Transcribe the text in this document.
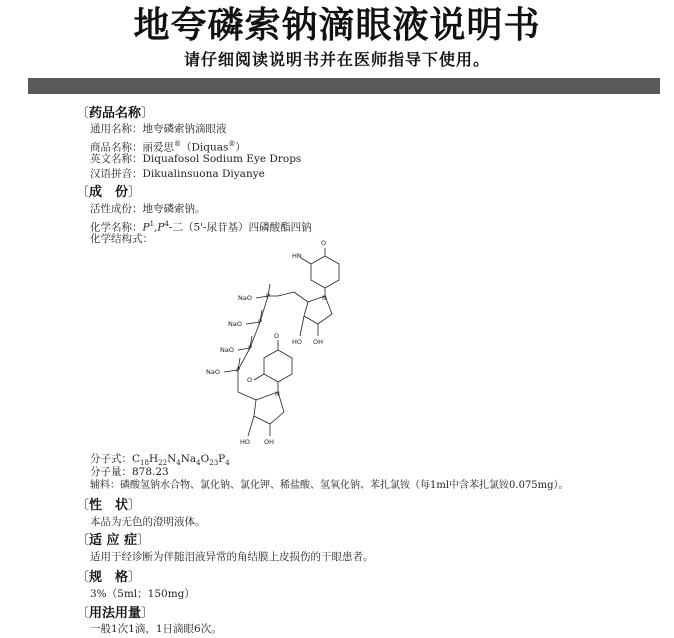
地夸磷索钠滴眼液说明书
请仔细阅读说明书并在医师指导下使用。
〔药品名称〕
通用名称：地夸磷索钠滴眼液
商品名称：丽爱思®（Diquas®）
英文名称：Diquafosol Sodium Eye Drops
汉语拼音：Dikualinsuona Diyanye
〔成　份〕
活性成份：地夸磷索钠。
化学名称：$P^1,P^4-$二（5'-尿苷基）四磷酸酯四钠
化学结构式：	O
HN
N
OH
HO
NaO
NaO
NaO
NaO
P
P
P
P
O
O
N
OH
HO
分子式：$C_{18}H_{22}N_4Na_4O_{23}P_4$
分子量：878.23
辅料：磷酸氢钠水合物、氯化钠、氯化钾、稀盐酸、氢氧化钠、苯扎氯铵（每1ml中含苯扎氯铵0.075mg）。
〔性　状〕
本品为无色的澄明液体。
〔适 应 症〕
适用于经诊断为伴随泪液异常的角结膜上皮损伤的干眼患者。
〔规　格〕
3%（5ml；150mg）
〔用法用量〕
一般1次1滴，1日滴眼6次。
